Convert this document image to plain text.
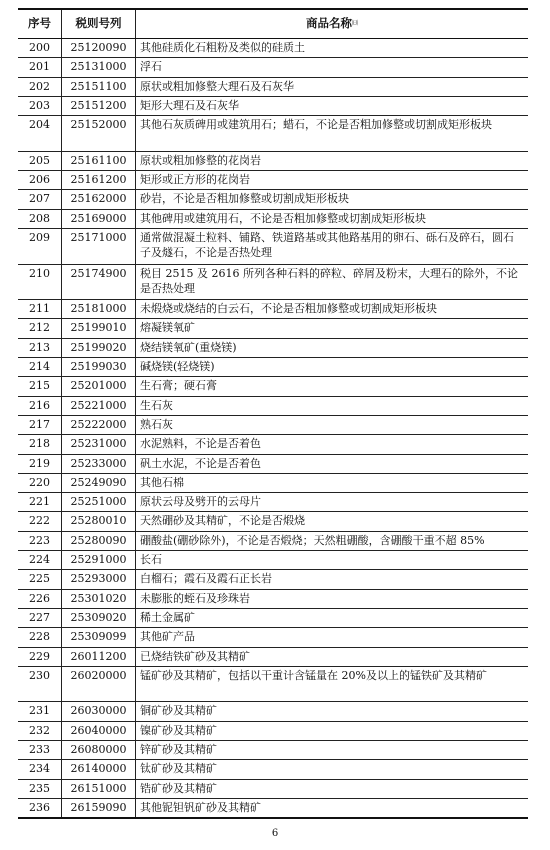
序号	税则号列	商品名称 ㈰
200	25120090	其他硅质化石粗粉及类似的硅质土
201	25131000	浮石
202	25151100	原状或粗加修整大理石及石灰华
203	25151200	矩形大理石及石灰华
204	25152000	其他石灰质碑用或建筑用石；蜡石，不论是否粗加修整或切割成矩形板块
205	25161100	原状或粗加修整的花岗岩
206	25161200	矩形或正方形的花岗岩
207	25162000	砂岩，不论是否粗加修整或切割成矩形板块
208	25169000	其他碑用或建筑用石，不论是否粗加修整或切割成矩形板块
209	25171000	通常做混凝土粒料、铺路、铁道路基或其他路基用的卵石、砾石及碎石，圆石子及燧石，不论是否热处理
210	25174900	税目 2515 及 2616 所列各种石料的碎粒、碎屑及粉末，大理石的除外，不论是否热处理
211	25181000	未煅烧或烧结的白云石，不论是否粗加修整或切割成矩形板块
212	25199010	熔凝镁氧矿
213	25199020	烧结镁氧矿(重烧镁)
214	25199030	碱烧镁(轻烧镁)
215	25201000	生石膏；硬石膏
216	25221000	生石灰
217	25222000	熟石灰
218	25231000	水泥熟料，不论是否着色
219	25233000	矾土水泥，不论是否着色
220	25249090	其他石棉
221	25251000	原状云母及劈开的云母片
222	25280010	天然硼砂及其精矿，不论是否煅烧
223	25280090	硼酸盐(硼砂除外)，不论是否煅烧；天然粗硼酸，含硼酸干重不超 85%
224	25291000	长石
225	25293000	白榴石；霞石及霞石正长岩
226	25301020	未膨胀的蛭石及珍珠岩
227	25309020	稀土金属矿
228	25309099	其他矿产品
229	26011200	已烧结铁矿砂及其精矿
230	26020000	锰矿砂及其精矿，包括以干重计含锰量在 20%及以上的锰铁矿及其精矿
231	26030000	铜矿砂及其精矿
232	26040000	镍矿砂及其精矿
233	26080000	锌矿砂及其精矿
234	26140000	钛矿砂及其精矿
235	26151000	锆矿砂及其精矿
236	26159090	其他铌钽钒矿砂及其精矿
6
